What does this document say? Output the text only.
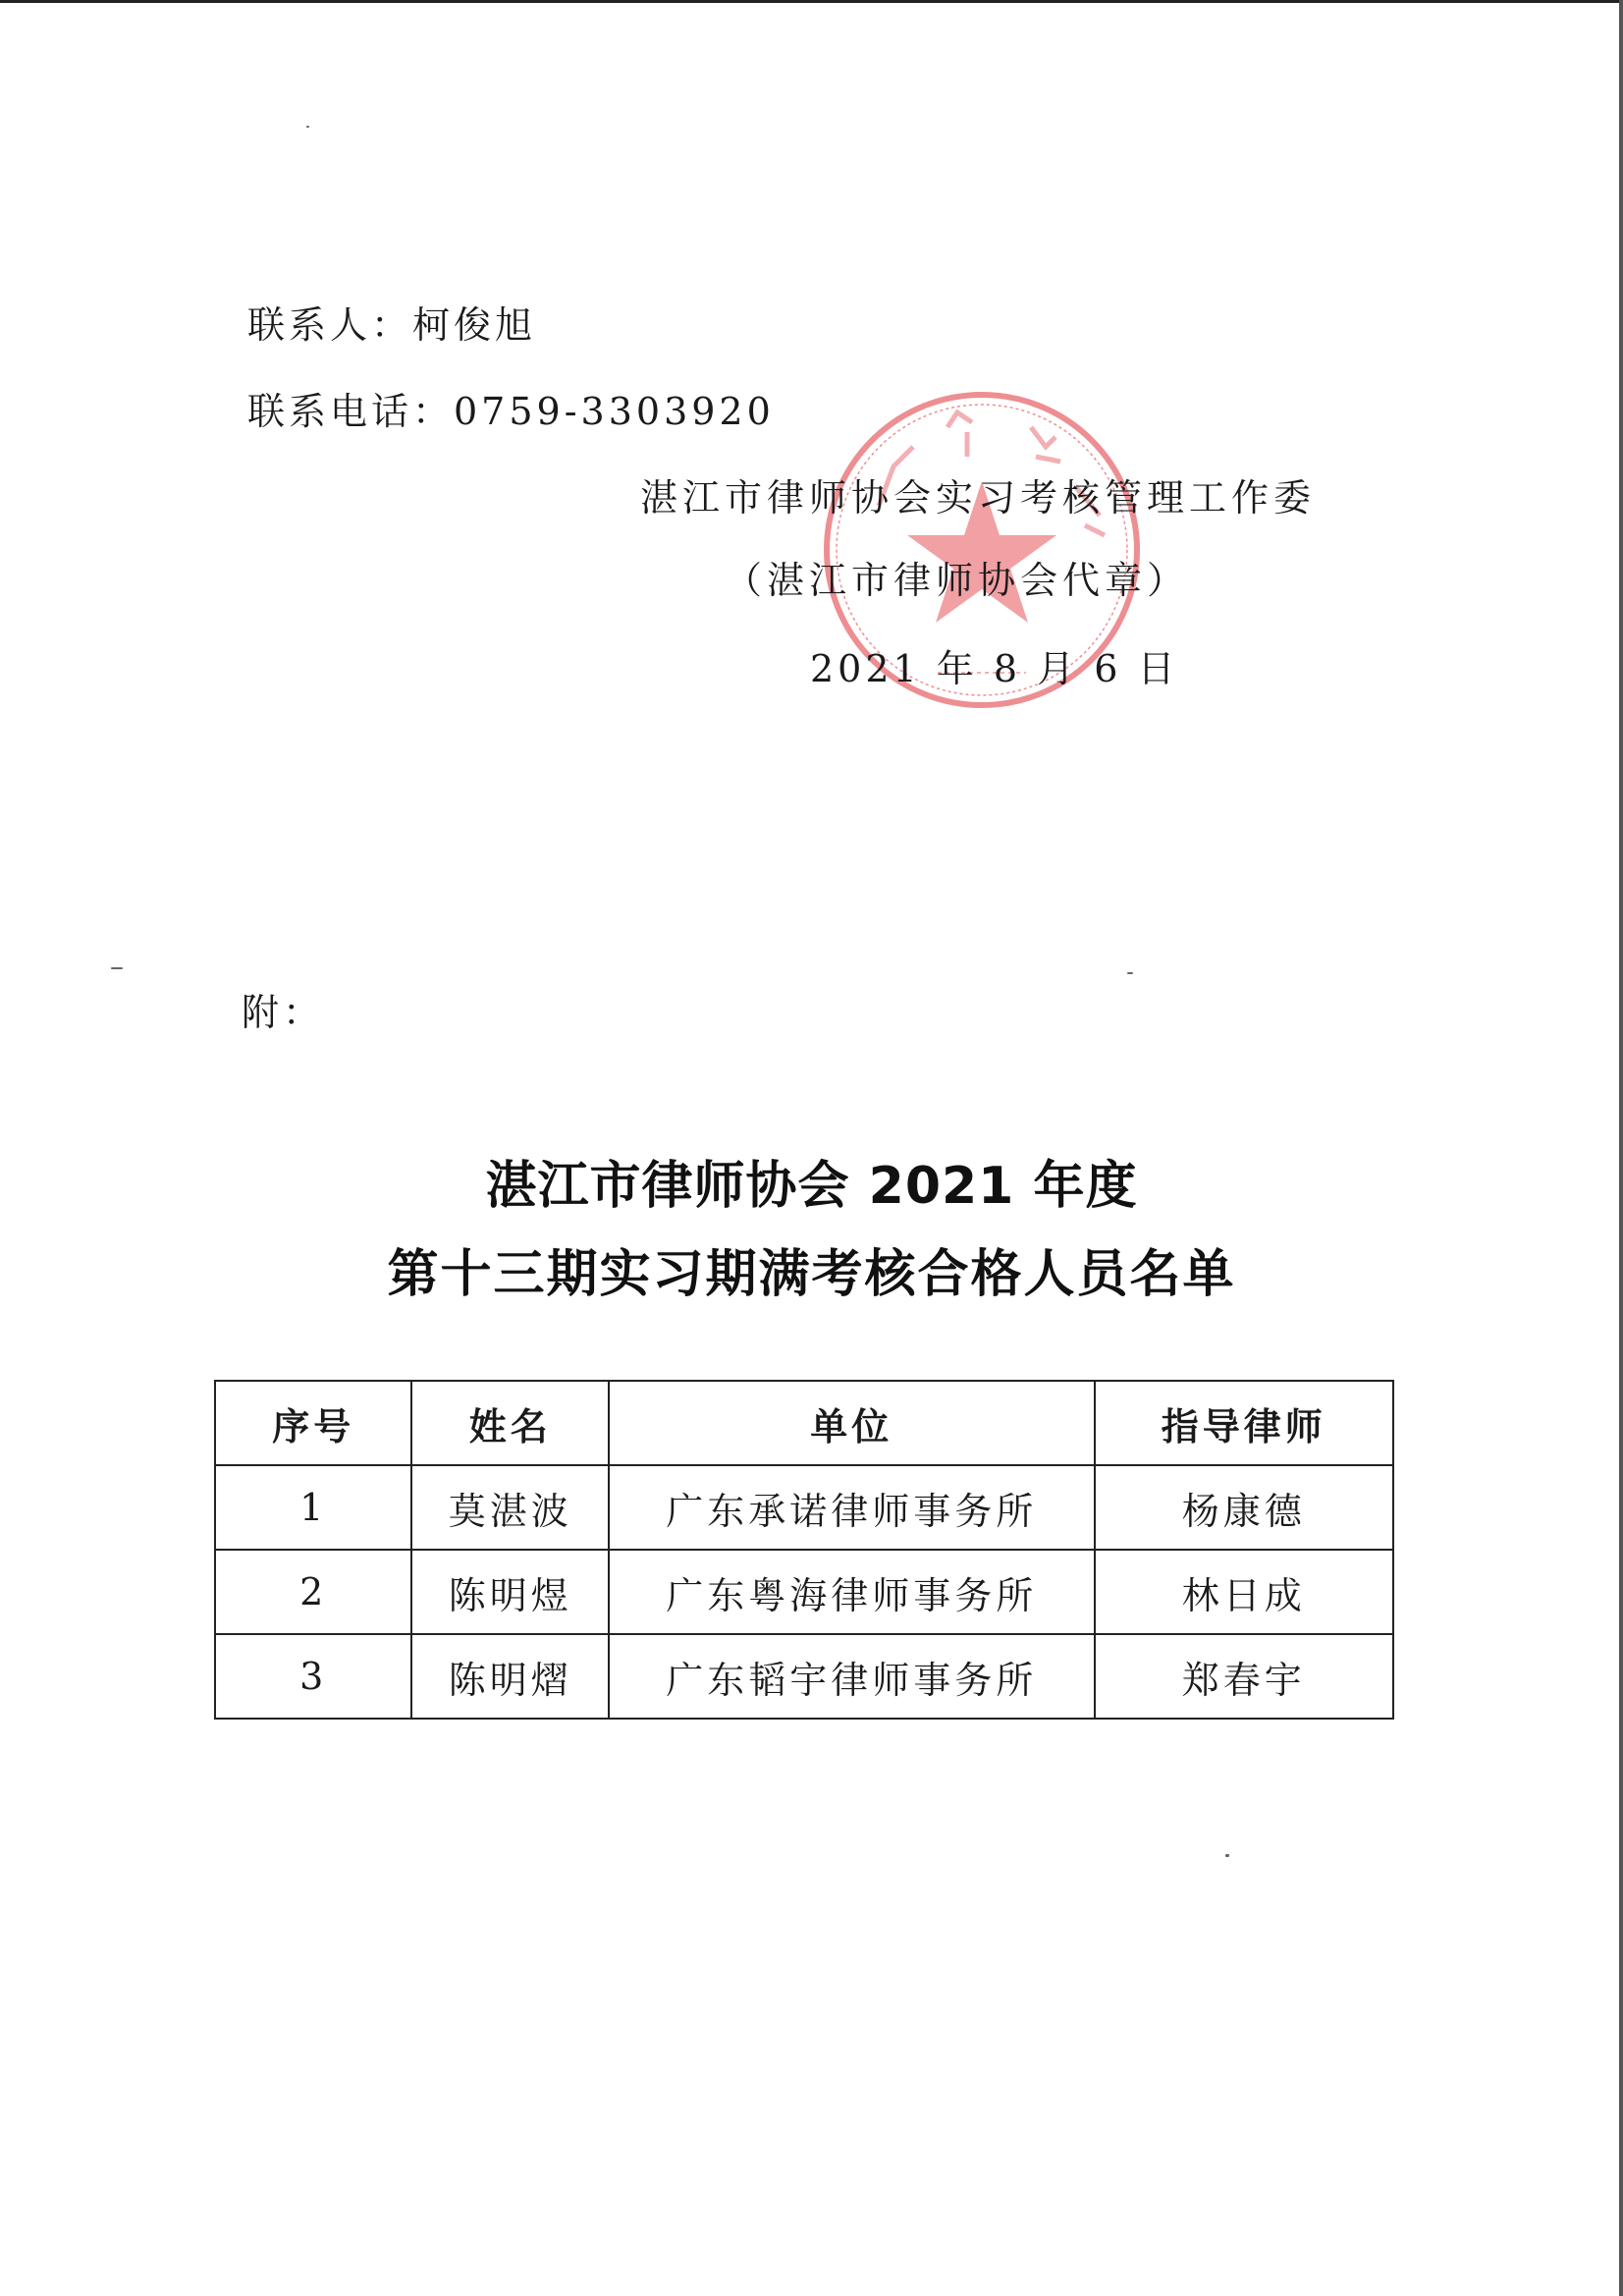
联系人：柯俊旭
联系电话：0759-3303920
湛江市律师协会实习考核管理工作委
（湛江市律师协会代章）
2021 年 8 月 6 日
附：
湛江市律师协会 2021 年度
第十三期实习期满考核合格人员名单
序号	姓名	单位	指导律师
1	莫湛波	广东承诺律师事务所	杨康德
2	陈明煜	广东粤海律师事务所	林日成
3	陈明熠	广东韬宇律师事务所	郑春宇
